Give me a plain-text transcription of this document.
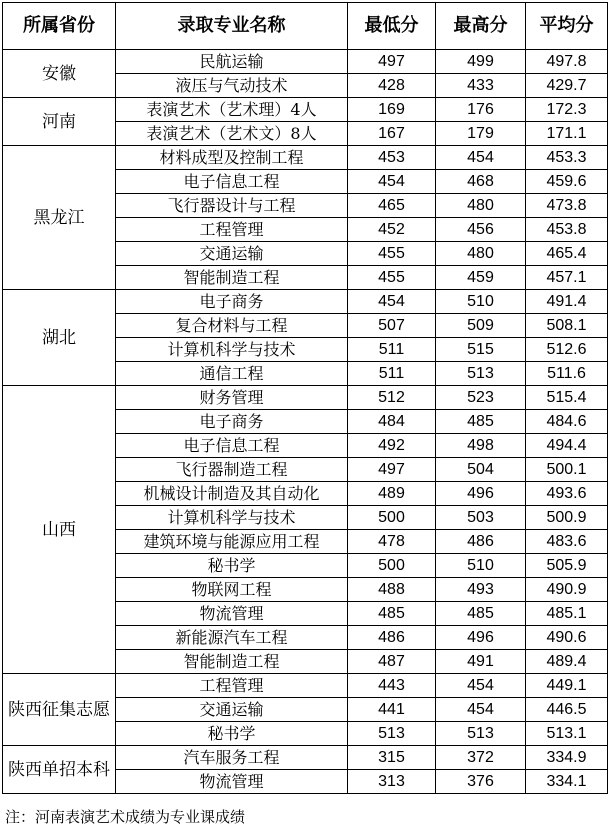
所属省份	录取专业名称	最低分	最高分	平均分
安徽	民航运输	497	499	497.8
	液压与气动技术	428	433	429.7
河南	表演艺术（艺术理）4人	169	176	172.3
	表演艺术（艺术文）8人	167	179	171.1
黑龙江	材料成型及控制工程	453	454	453.3
	电子信息工程	454	468	459.6
	飞行器设计与工程	465	480	473.8
	工程管理	452	456	453.8
	交通运输	455	480	465.4
	智能制造工程	455	459	457.1
湖北	电子商务	454	510	491.4
	复合材料与工程	507	509	508.1
	计算机科学与技术	511	515	512.6
	通信工程	511	513	511.6
山西	财务管理	512	523	515.4
	电子商务	484	485	484.6
	电子信息工程	492	498	494.4
	飞行器制造工程	497	504	500.1
	机械设计制造及其自动化	489	496	493.6
	计算机科学与技术	500	503	500.9
	建筑环境与能源应用工程	478	486	483.6
	秘书学	500	510	505.9
	物联网工程	488	493	490.9
	物流管理	485	485	485.1
	新能源汽车工程	486	496	490.6
	智能制造工程	487	491	489.4
陕西征集志愿	工程管理	443	454	449.1
	交通运输	441	454	446.5
	秘书学	513	513	513.1
陕西单招本科	汽车服务工程	315	372	334.9
	物流管理	313	376	334.1
注：河南表演艺术成绩为专业课成绩
